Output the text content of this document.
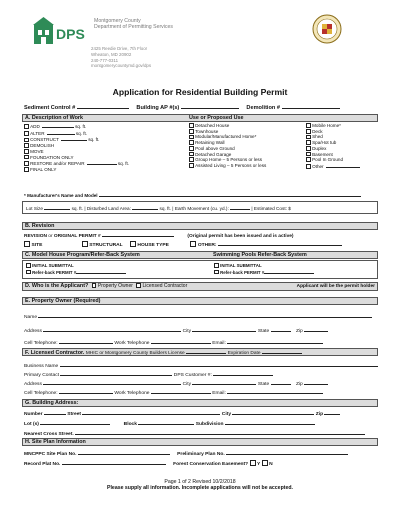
DPS
Montgomery County
Department of Permitting Services
2425 Reedie Drive, 7th Floor
Wheaton, MD 20902
240-777-0311
montgomerycountymd.gov/dps
Application for Residential Building Permit
Sediment Control #	Building AP #(s)	Demolition #
A. Description of Work	Use or Proposed Use
ADD	sq. ft.
ALTER	sq. ft.
CONSTRUCT	sq. ft.
DEMOLISH
MOVE
FOUNDATION ONLY
RESTORE and/or REPAIR	sq. ft.
FINAL ONLY
Detached House
Townhouse
Modular/Manufactured Home*
Retaining Wall
Pool above Ground
Detached Garage
Group Home – 5 Persons or less
Assisted Living – 5 Persons or less
Mobile Home*
Deck
Shed
Spa/Hot tub
Duplex
Basement
Pool In Ground
Other
* Manufacturer's Name and Model
Lot Size	sq. ft. | Disturbed Land Area:	sq. ft. | Earth Movement (cu. yd.):	| Estimated Cost: $
B. Revision
REVISION or ORIGINAL PERMIT #	(Original permit has been issued and is active)
SITE	STRUCTURAL	HOUSE TYPE	OTHER:
C. Model House Program/Refer-Back System	Swimming Pools Refer-Back System
INITIAL SUBMITTAL
Refer-back PERMIT #
INITIAL SUBMITTAL
Refer-back PERMIT #
D. Who is the Applicant? Property Owner Licensed Contractor	Applicant will be the permit holder
E. Property Owner (Required)
Name
Address	City	State	Zip
Cell Telephone:	Work Telephone	Email:
F. Licensed Contractor. MHIC or Montgomery County Builders License	Expiration Date
Business Name
Primary Contact	DPS Customer #:
Address	City	State	Zip
Cell Telephone:	Work Telephone	Email:
G. Building Address:
Number	Street	City	Zip
Lot (s)	Block	Subdivision
Nearest Cross Street.
H. Site Plan Information
MNCPPC Site Plan No.	Preliminary Plan No.
Record Plat No.	Forest Conservation Easement? Y N
Page 1 of 2 Revised 10/2/2018
Please supply all information. Incomplete applications will not be accepted.
